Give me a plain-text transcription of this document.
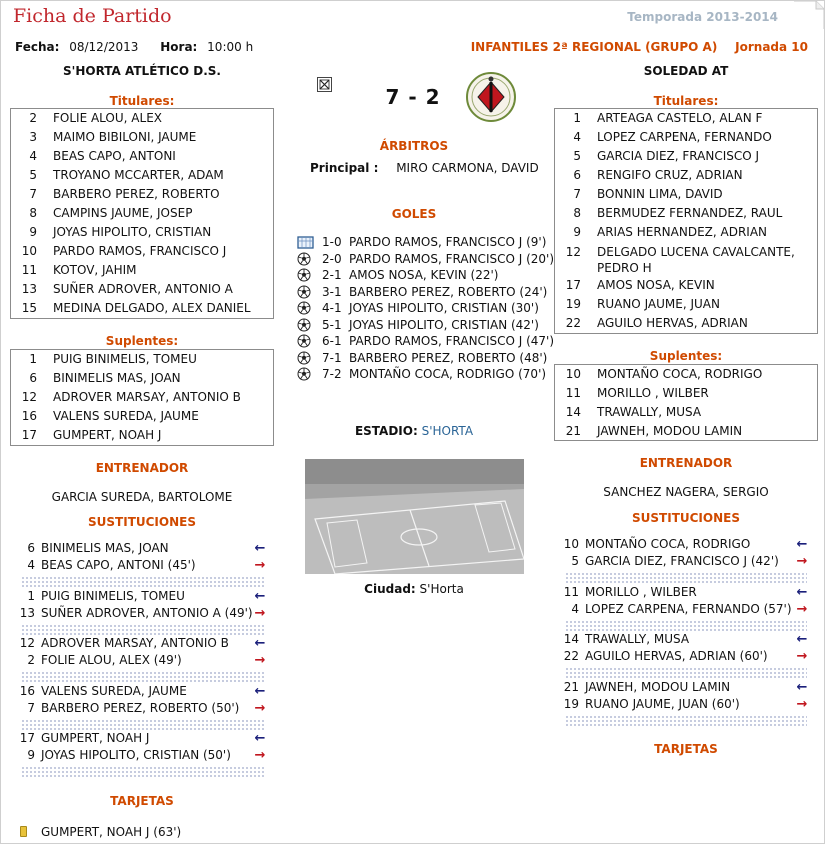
Ficha de Partido	Temporada 2013-2014
Fecha: 08/12/2013 Hora: 10:00 h	INFANTILES 2ª REGIONAL (GRUPO A) Jornada 10
S'HORTA ATLÉTICO D.S.	SOLEDAD AT
7 - 2
Titulares:
2 FOLIE ALOU, ALEX
3 MAIMO BIBILONI, JAUME
4 BEAS CAPO, ANTONI
5 TROYANO MCCARTER, ADAM
7 BARBERO PEREZ, ROBERTO
8 CAMPINS JAUME, JOSEP
9 JOYAS HIPOLITO, CRISTIAN
10 PARDO RAMOS, FRANCISCO J
11 KOTOV, JAHIM
13 SUÑER ADROVER, ANTONIO A
15 MEDINA DELGADO, ALEX DANIEL
Suplentes:
1 PUIG BINIMELIS, TOMEU
6 BINIMELIS MAS, JOAN
12 ADROVER MARSAY, ANTONIO B
16 VALENS SUREDA, JAUME
17 GUMPERT, NOAH J
ENTRENADOR
GARCIA SUREDA, BARTOLOME
SUSTITUCIONES
TARJETAS
GUMPERT, NOAH J (63')
ÁRBITROS
Principal : MIRO CARMONA, DAVID
GOLES
1-0 PARDO RAMOS, FRANCISCO J (9')
2-0 PARDO RAMOS, FRANCISCO J (20')
2-1 AMOS NOSA, KEVIN (22')
3-1 BARBERO PEREZ, ROBERTO (24')
4-1 JOYAS HIPOLITO, CRISTIAN (30')
5-1 JOYAS HIPOLITO, CRISTIAN (42')
6-1 PARDO RAMOS, FRANCISCO J (47')
7-1 BARBERO PEREZ, ROBERTO (48')
7-2 MONTAÑO COCA, RODRIGO (70')
ESTADIO: S'HORTA
Ciudad: S'Horta
Titulares:
1 ARTEAGA CASTELO, ALAN F
4 LOPEZ CARPENA, FERNANDO
5 GARCIA DIEZ, FRANCISCO J
6 RENGIFO CRUZ, ADRIAN
7 BONNIN LIMA, DAVID
8 BERMUDEZ FERNANDEZ, RAUL
9 ARIAS HERNANDEZ, ADRIAN
12 DELGADO LUCENA CAVALCANTE, PEDRO H
17 AMOS NOSA, KEVIN
19 RUANO JAUME, JUAN
22 AGUILO HERVAS, ADRIAN
Suplentes:
10 MONTAÑO COCA, RODRIGO
11 MORILLO , WILBER
14 TRAWALLY, MUSA
21 JAWNEH, MODOU LAMIN
ENTRENADOR
SANCHEZ NAGERA, SERGIO
SUSTITUCIONES
TARJETAS
6 BINIMELIS MAS, JOAN	←
4 BEAS CAPO, ANTONI (45')	→
1 PUIG BINIMELIS, TOMEU	←
13 SUÑER ADROVER, ANTONIO A (49') →
12 ADROVER MARSAY, ANTONIO B ←
2 FOLIE ALOU, ALEX (49')	→
16 VALENS SUREDA, JAUME	←
7 BARBERO PEREZ, ROBERTO (50') →
17 GUMPERT, NOAH J	←
9 JOYAS HIPOLITO, CRISTIAN (50') →
10 MONTAÑO COCA, RODRIGO	←
5 GARCIA DIEZ, FRANCISCO J (42') →
11 MORILLO , WILBER	←
4 LOPEZ CARPENA, FERNANDO (57') →
14 TRAWALLY, MUSA	←
22 AGUILO HERVAS, ADRIAN (60') →
21 JAWNEH, MODOU LAMIN	←
19 RUANO JAUME, JUAN (60')	→
